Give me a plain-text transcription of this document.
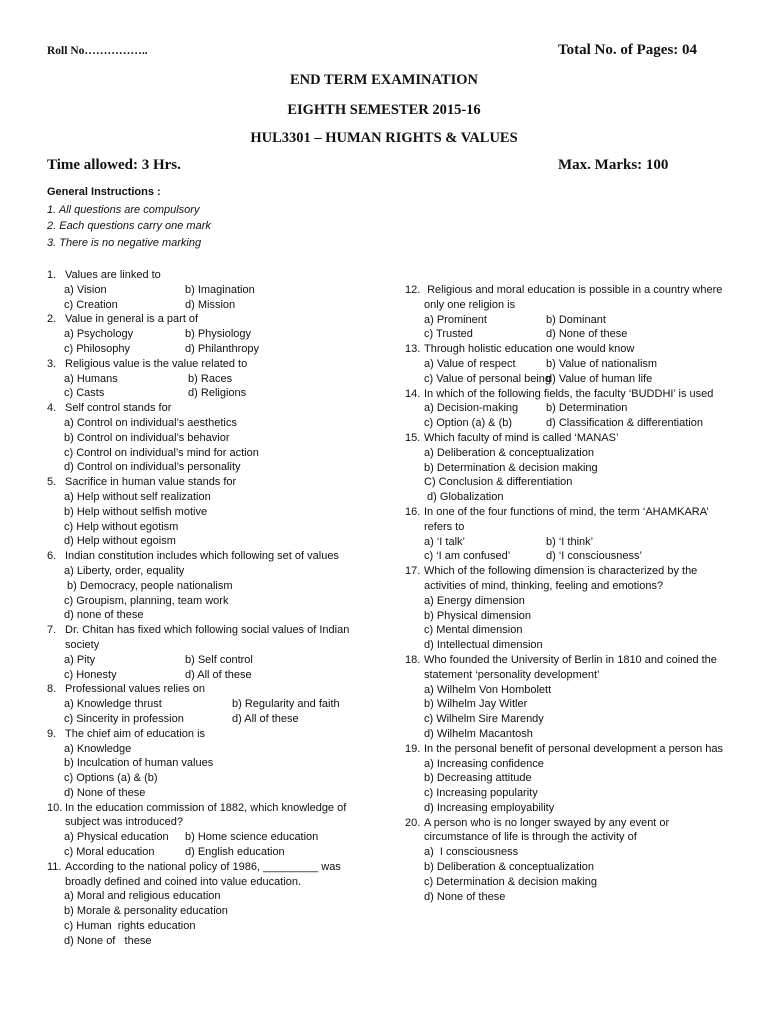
Roll No……………..	Total No. of Pages: 04
END TERM EXAMINATION
EIGHTH SEMESTER 2015-16
HUL3301 – HUMAN RIGHTS & VALUES
Time allowed: 3 Hrs.	Max. Marks: 100
General Instructions :
1. All questions are compulsory
2. Each questions carry one mark
3. There is no negative marking
1. Values are linked to
a) Vision	b) Imagination
c) Creation	d) Mission
2. Value in general is a part of
a) Psychology	b) Physiology
c) Philosophy	d) Philanthropy
3. Religious value is the value related to
a) Humans	b) Races
c) Casts	d) Religions
4. Self control stands for
a) Control on individual’s aesthetics
b) Control on individual’s behavior
c) Control on individual’s mind for action
d) Control on individual’s personality
5. Sacrifice in human value stands for
a) Help without self realization
b) Help without selfish motive
c) Help without egotism
d) Help without egoism
6. Indian constitution includes which following set of values
a) Liberty, order, equality
b) Democracy, people nationalism
c) Groupism, planning, team work
d) none of these
7. Dr. Chitan has fixed which following social values of Indian society
a) Pity	b) Self control
c) Honesty	d) All of these
8. Professional values relies on
a) Knowledge thrust	b) Regularity and faith
c) Sincerity in profession	d) All of these
9. The chief aim of education is
a) Knowledge
b) Inculcation of human values
c) Options (a) & (b)
d) None of these
10. In the education commission of 1882, which knowledge of subject was introduced?
a) Physical education	b) Home science education
c) Moral education	d) English education
11. According to the national policy of 1986, _________ was broadly defined and coined into value education.
a) Moral and religious education
b) Morale & personality education
c) Human  rights education
d) None of   these
12. Religious and moral education is possible in a country where only one religion is
a) Prominent	b) Dominant
c) Trusted	d) None of these
13. Through holistic education one would know
a) Value of respect	b) Value of nationalism
c) Value of personal being
d) Value of human life
14. In which of the following fields, the faculty ‘BUDDHI’ is used
a) Decision-making	b) Determination
c) Option (a) & (b)	d) Classification & differentiation
15. Which faculty of mind is called ‘MANAS’
a) Deliberation & conceptualization
b) Determination & decision making
C) Conclusion & differentiation
d) Globalization
16. In one of the four functions of mind, the term ‘AHAMKARA’ refers to
a) ‘I talk’	b) ‘I think’
c) ‘I am confused’	d) ‘I consciousness’
17. Which of the following dimension is characterized by the activities of mind, thinking, feeling and emotions?
a) Energy dimension
b) Physical dimension
c) Mental dimension
d) Intellectual dimension
18. Who founded the University of Berlin in 1810 and coined the statement ‘personality development’
a) Wilhelm Von Hombolett
b) Wilhelm Jay Witler
c) Wilhelm Sire Marendy
d) Wilhelm Macantosh
19. In the personal benefit of personal development a person has
a) Increasing confidence
b) Decreasing attitude
c) Increasing popularity
d) Increasing employability
20. A person who is no longer swayed by any event or circumstance of life is through the activity of
a)  I consciousness
b) Deliberation & conceptualization
c) Determination & decision making
d) None of these
